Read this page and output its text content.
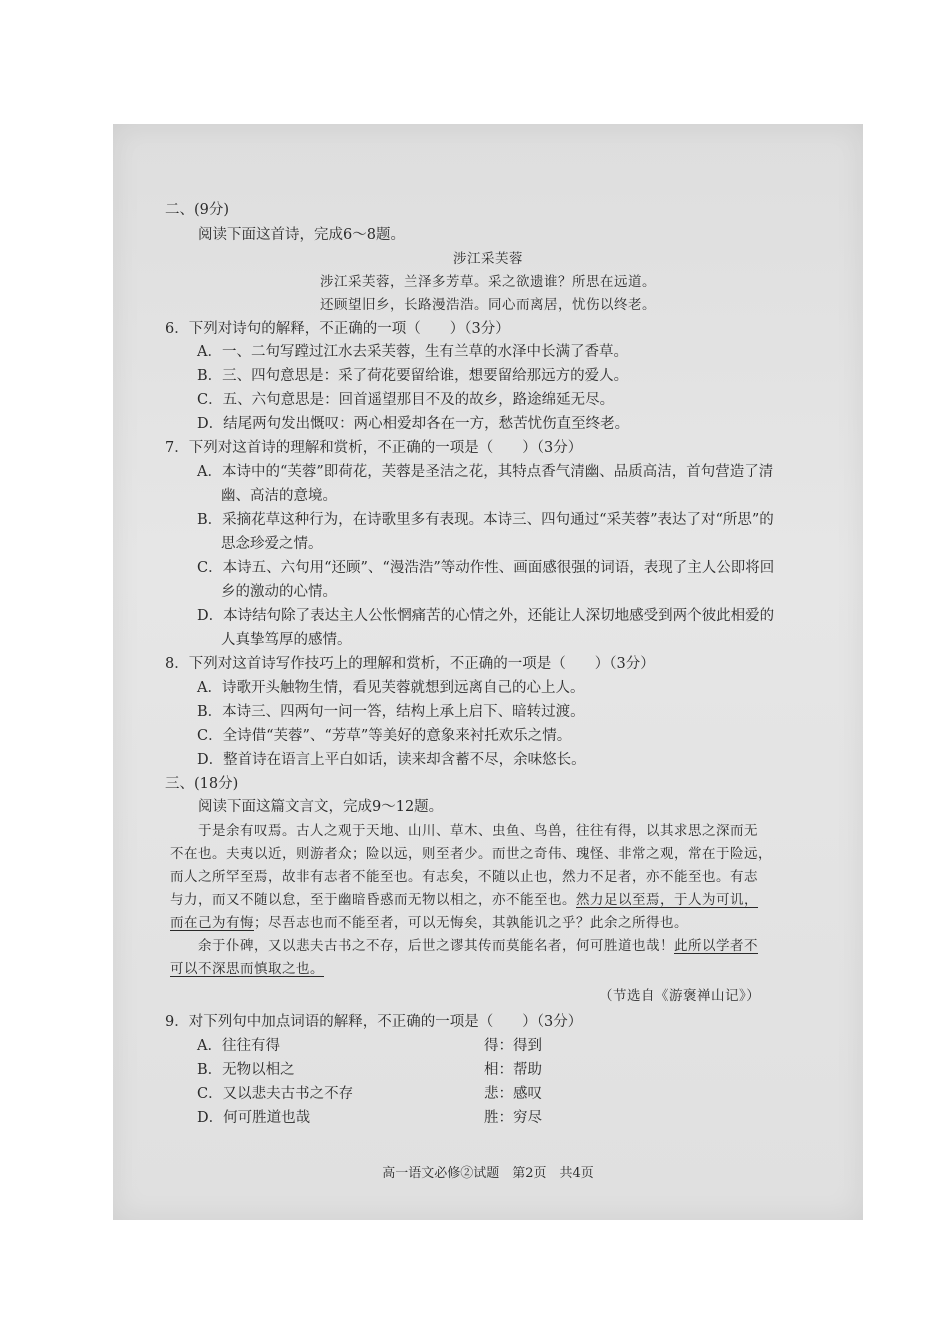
二、(9分)
阅读下面这首诗，完成6～8题。
涉江采芙蓉
涉江采芙蓉，兰泽多芳草。采之欲遗谁？所思在远道。
还顾望旧乡，长路漫浩浩。同心而离居，忧伤以终老。
6．下列对诗句的解释，不正确的一项（　　）（3分）
A．一、二句写蹚过江水去采芙蓉，生有兰草的水泽中长满了香草。
B．三、四句意思是：采了荷花要留给谁，想要留给那远方的爱人。
C．五、六句意思是：回首遥望那目不及的故乡，路途绵延无尽。
D．结尾两句发出慨叹：两心相爱却各在一方，愁苦忧伤直至终老。
7．下列对这首诗的理解和赏析，不正确的一项是（　　）（3分）
A．本诗中的“芙蓉”即荷花，芙蓉是圣洁之花，其特点香气清幽、品质高洁，首句营造了清
幽、高洁的意境。
B．采摘花草这种行为，在诗歌里多有表现。本诗三、四句通过“采芙蓉”表达了对“所思”的
思念珍爱之情。
C．本诗五、六句用“还顾”、“漫浩浩”等动作性、画面感很强的词语，表现了主人公即将回
乡的激动的心情。
D．本诗结句除了表达主人公怅惘痛苦的心情之外，还能让人深切地感受到两个彼此相爱的
人真挚笃厚的感情。
8．下列对这首诗写作技巧上的理解和赏析，不正确的一项是（　　）（3分）
A．诗歌开头触物生情，看见芙蓉就想到远离自己的心上人。
B．本诗三、四两句一问一答，结构上承上启下、暗转过渡。
C．全诗借“芙蓉”、“芳草”等美好的意象来衬托欢乐之情。
D．整首诗在语言上平白如话，读来却含蓄不尽，余味悠长。
三、(18分)
阅读下面这篇文言文，完成9～12题。
于是余有叹焉。古人之观于天地、山川、草木、虫鱼、鸟兽，往往有得，以其求思之深而无
不在也。夫夷以近，则游者众；险以远，则至者少。而世之奇伟、瑰怪、非常之观，常在于险远，
而人之所罕至焉，故非有志者不能至也。有志矣，不随以止也，然力不足者，亦不能至也。有志
与力，而又不随以怠，至于幽暗昏惑而无物以相之，亦不能至也。然力足以至焉，于人为可讥，
而在己为有悔；尽吾志也而不能至者，可以无悔矣，其孰能讥之乎？此余之所得也。
余于仆碑，又以悲夫古书之不存，后世之谬其传而莫能名者，何可胜道也哉！此所以学者不
可以不深思而慎取之也。
（节选自《游褒禅山记》）
9．对下列句中加点词语的解释，不正确的一项是（　　）（3分）
A．往往有得	得：得到
B．无物以相之	相：帮助
C．又以悲夫古书之不存	悲：感叹
D．何可胜道也哉	胜：穷尽
高一语文必修②试题　第2页　共4页
